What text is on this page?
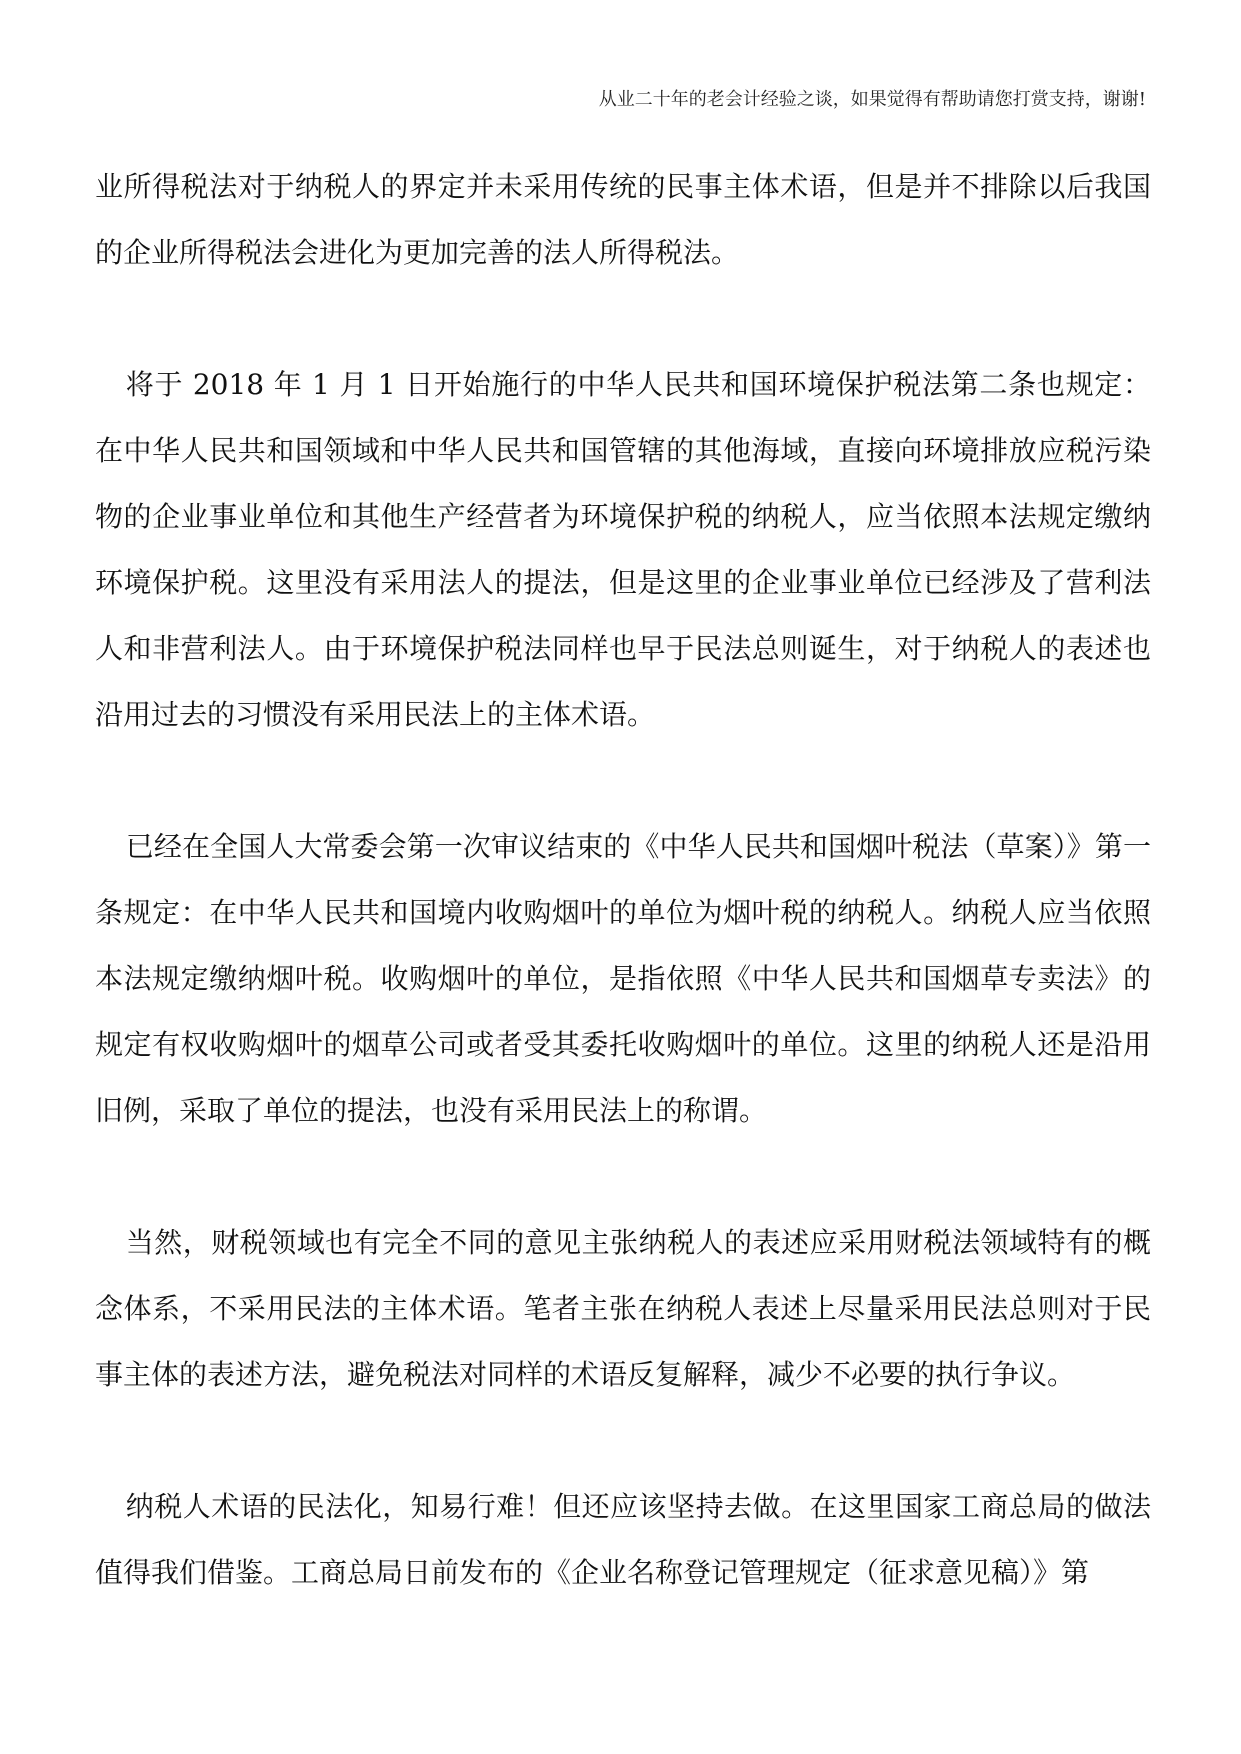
从业二十年的老会计经验之谈，如果觉得有帮助请您打赏支持，谢谢!

业所得税法对于纳税人的界定并未采用传统的民事主体术语，但是并不排除以后我国的企业所得税法会进化为更加完善的法人所得税法。

将于 2018 年 1 月 1 日开始施行的中华人民共和国环境保护税法第二条也规定：在中华人民共和国领域和中华人民共和国管辖的其他海域，直接向环境排放应税污染物的企业事业单位和其他生产经营者为环境保护税的纳税人，应当依照本法规定缴纳环境保护税。这里没有采用法人的提法，但是这里的企业事业单位已经涉及了营利法人和非营利法人。由于环境保护税法同样也早于民法总则诞生，对于纳税人的表述也沿用过去的习惯没有采用民法上的主体术语。

已经在全国人大常委会第一次审议结束的《中华人民共和国烟叶税法（草案）》第一条规定：在中华人民共和国境内收购烟叶的单位为烟叶税的纳税人。纳税人应当依照本法规定缴纳烟叶税。收购烟叶的单位，是指依照《中华人民共和国烟草专卖法》的规定有权收购烟叶的烟草公司或者受其委托收购烟叶的单位。这里的纳税人还是沿用旧例，采取了单位的提法，也没有采用民法上的称谓。

当然，财税领域也有完全不同的意见主张纳税人的表述应采用财税法领域特有的概念体系，不采用民法的主体术语。笔者主张在纳税人表述上尽量采用民法总则对于民事主体的表述方法，避免税法对同样的术语反复解释，减少不必要的执行争议。

纳税人术语的民法化，知易行难！但还应该坚持去做。在这里国家工商总局的做法值得我们借鉴。工商总局日前发布的《企业名称登记管理规定（征求意见稿）》第
